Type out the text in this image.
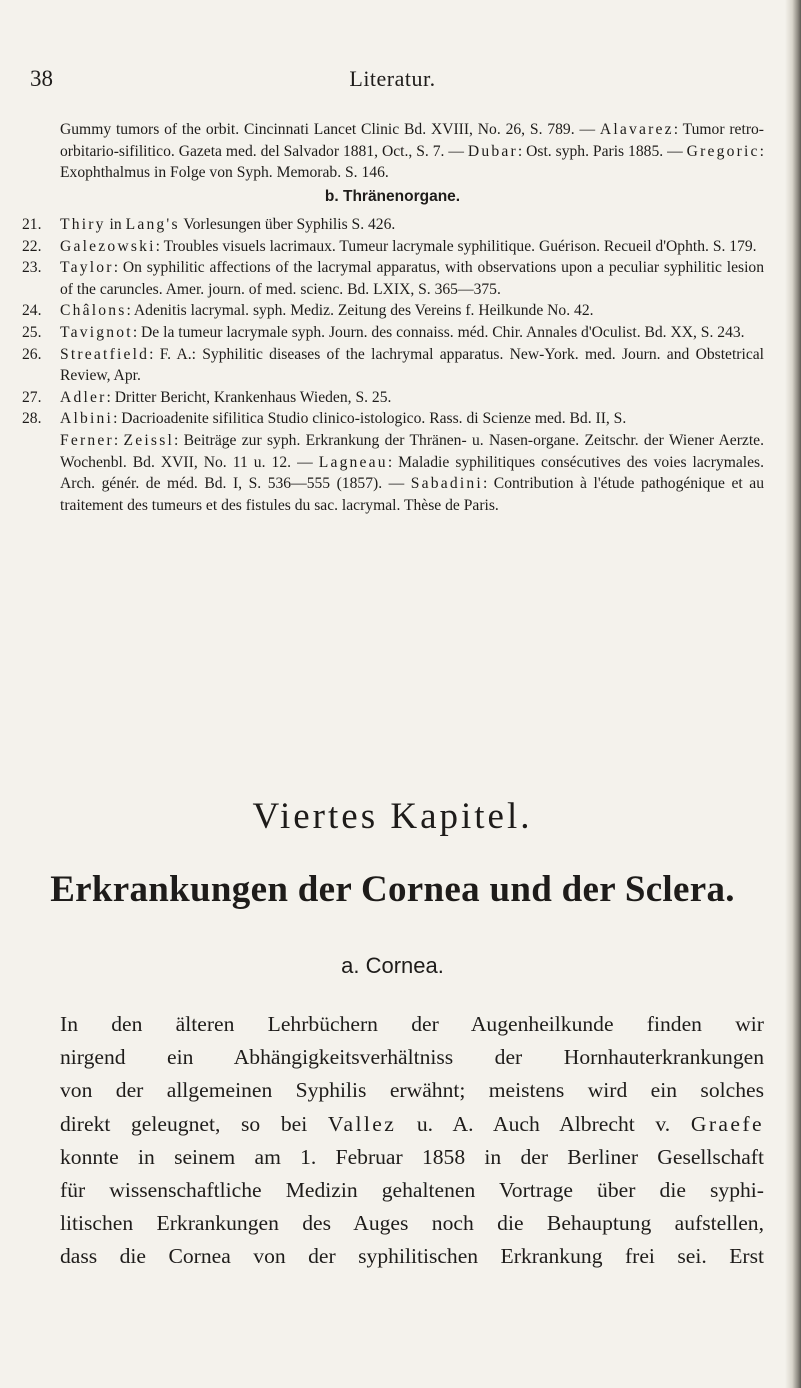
38	Literatur.

Gummy tumors of the orbit. Cincinnati Lancet Clinic Bd. XVIII, No. 26, S. 789. — Alavarez: Tumor retro-orbitario-sifilitico. Gazeta med. del Salvador 1881, Oct., S. 7. — Dubar: Ost. syph. Paris 1885. — Gregoric: Exophthalmus in Folge von Syph. Memorab. S. 146.

b. Thränenorgane.
21.	Thiry in Lang's Vorlesungen über Syphilis S. 426.
22.	Galezowski: Troubles visuels lacrimaux. Tumeur lacrymale syphilitique. Guérison. Recueil d'Ophth. S. 179.
23.	Taylor: On syphilitic affections of the lacrymal apparatus, with observations upon a peculiar syphilitic lesion of the caruncles. Amer. journ. of med. scienc. Bd. LXIX, S. 365—375.
24.	Châlons: Adenitis lacrymal. syph. Mediz. Zeitung des Vereins f. Heilkunde No. 42.
25.	Tavignot: De la tumeur lacrymale syph. Journ. des connaiss. méd. Chir. Annales d'Oculist. Bd. XX, S. 243.
26.	Streatfield: F. A.: Syphilitic diseases of the lachrymal apparatus. New-York. med. Journ. and Obstetrical Review, Apr.
27.	Adler: Dritter Bericht, Krankenhaus Wieden, S. 25.
28.	Albini: Dacrioadenite sifilitica Studio clinico-istologico. Rass. di Scienze med. Bd. II, S.
Ferner: Zeissl: Beiträge zur syph. Erkrankung der Thränen- u. Nasen-organe. Zeitschr. der Wiener Aerzte. Wochenbl. Bd. XVII, No. 11 u. 12. — Lagneau: Maladie syphilitiques consécutives des voies lacrymales. Arch. génér. de méd. Bd. I, S. 536—555 (1857). — Sabadini: Contribution à l'étude pathogénique et au traitement des tumeurs et des fistules du sac. lacrymal. Thèse de Paris.
Viertes Kapitel.
Erkrankungen der Cornea und der Sclera.
a. Cornea.
In den älteren Lehrbüchern der Augenheilkunde finden wir
nirgend ein Abhängigkeitsverhältniss der Hornhauterkrankungen
von der allgemeinen Syphilis erwähnt; meistens wird ein solches
direkt geleugnet, so bei Vallez u. A. Auch Albrecht v. Graefe
konnte in seinem am 1. Februar 1858 in der Berliner Gesellschaft
für wissenschaftliche Medizin gehaltenen Vortrage über die syphi-
litischen Erkrankungen des Auges noch die Behauptung aufstellen,
dass die Cornea von der syphilitischen Erkrankung frei sei. Erst
